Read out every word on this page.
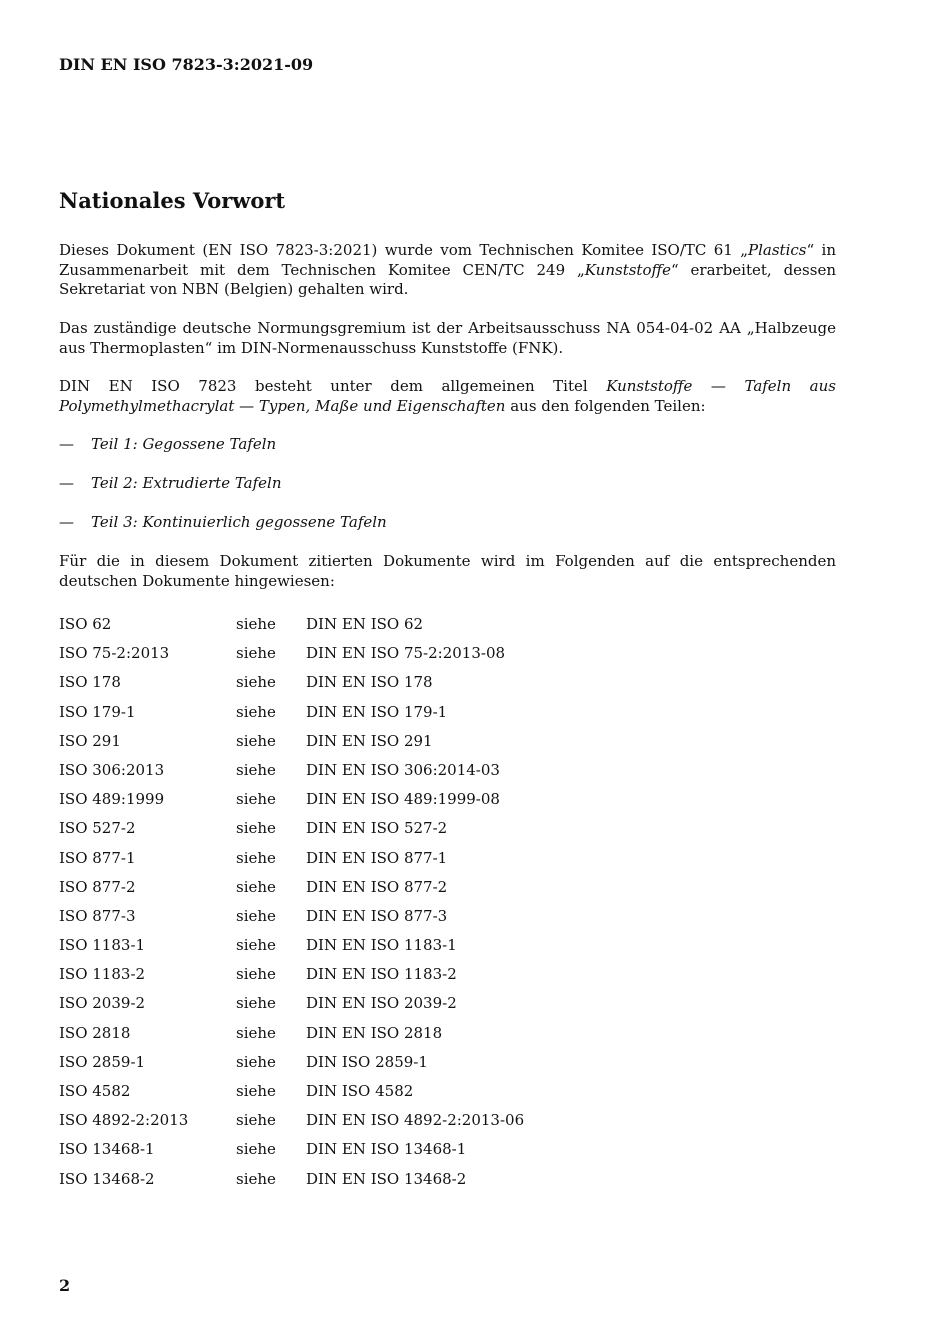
DIN EN ISO 7823-3:2021-09
Nationales Vorwort

Dieses Dokument (EN ISO 7823-3:2021) wurde vom Technischen Komitee ISO/TC 61 „Plastics“ in Zusammenarbeit mit dem Technischen Komitee CEN/TC 249 „Kunststoffe“ erarbeitet, dessen Sekretariat von NBN (Belgien) gehalten wird.

Das zuständige deutsche Normungsgremium ist der Arbeitsausschuss NA 054-04-02 AA „Halbzeuge aus Thermoplasten“ im DIN-Normenausschuss Kunststoffe (FNK).

DIN EN ISO 7823 besteht unter dem allgemeinen Titel Kunststoffe — Tafeln aus Polymethylmethacrylat — Typen, Maße und Eigenschaften aus den folgenden Teilen:

— Teil 1: Gegossene Tafeln
— Teil 2: Extrudierte Tafeln
— Teil 3: Kontinuierlich gegossene Tafeln

Für die in diesem Dokument zitierten Dokumente wird im Folgenden auf die entsprechenden deutschen Dokumente hingewiesen:

ISO 62	siehe DIN EN ISO 62
ISO 75-2:2013	siehe DIN EN ISO 75-2:2013-08
ISO 178	siehe DIN EN ISO 178
ISO 179-1	siehe DIN EN ISO 179-1
ISO 291	siehe DIN EN ISO 291
ISO 306:2013	siehe DIN EN ISO 306:2014-03
ISO 489:1999	siehe DIN EN ISO 489:1999-08
ISO 527-2	siehe DIN EN ISO 527-2
ISO 877-1	siehe DIN EN ISO 877-1
ISO 877-2	siehe DIN EN ISO 877-2
ISO 877-3	siehe DIN EN ISO 877-3
ISO 1183-1	siehe DIN EN ISO 1183-1
ISO 1183-2	siehe DIN EN ISO 1183-2
ISO 2039-2	siehe DIN EN ISO 2039-2
ISO 2818	siehe DIN EN ISO 2818
ISO 2859-1	siehe DIN ISO 2859-1
ISO 4582	siehe DIN ISO 4582
ISO 4892-2:2013	siehe DIN EN ISO 4892-2:2013-06
ISO 13468-1	siehe DIN EN ISO 13468-1
ISO 13468-2	siehe DIN EN ISO 13468-2
2
